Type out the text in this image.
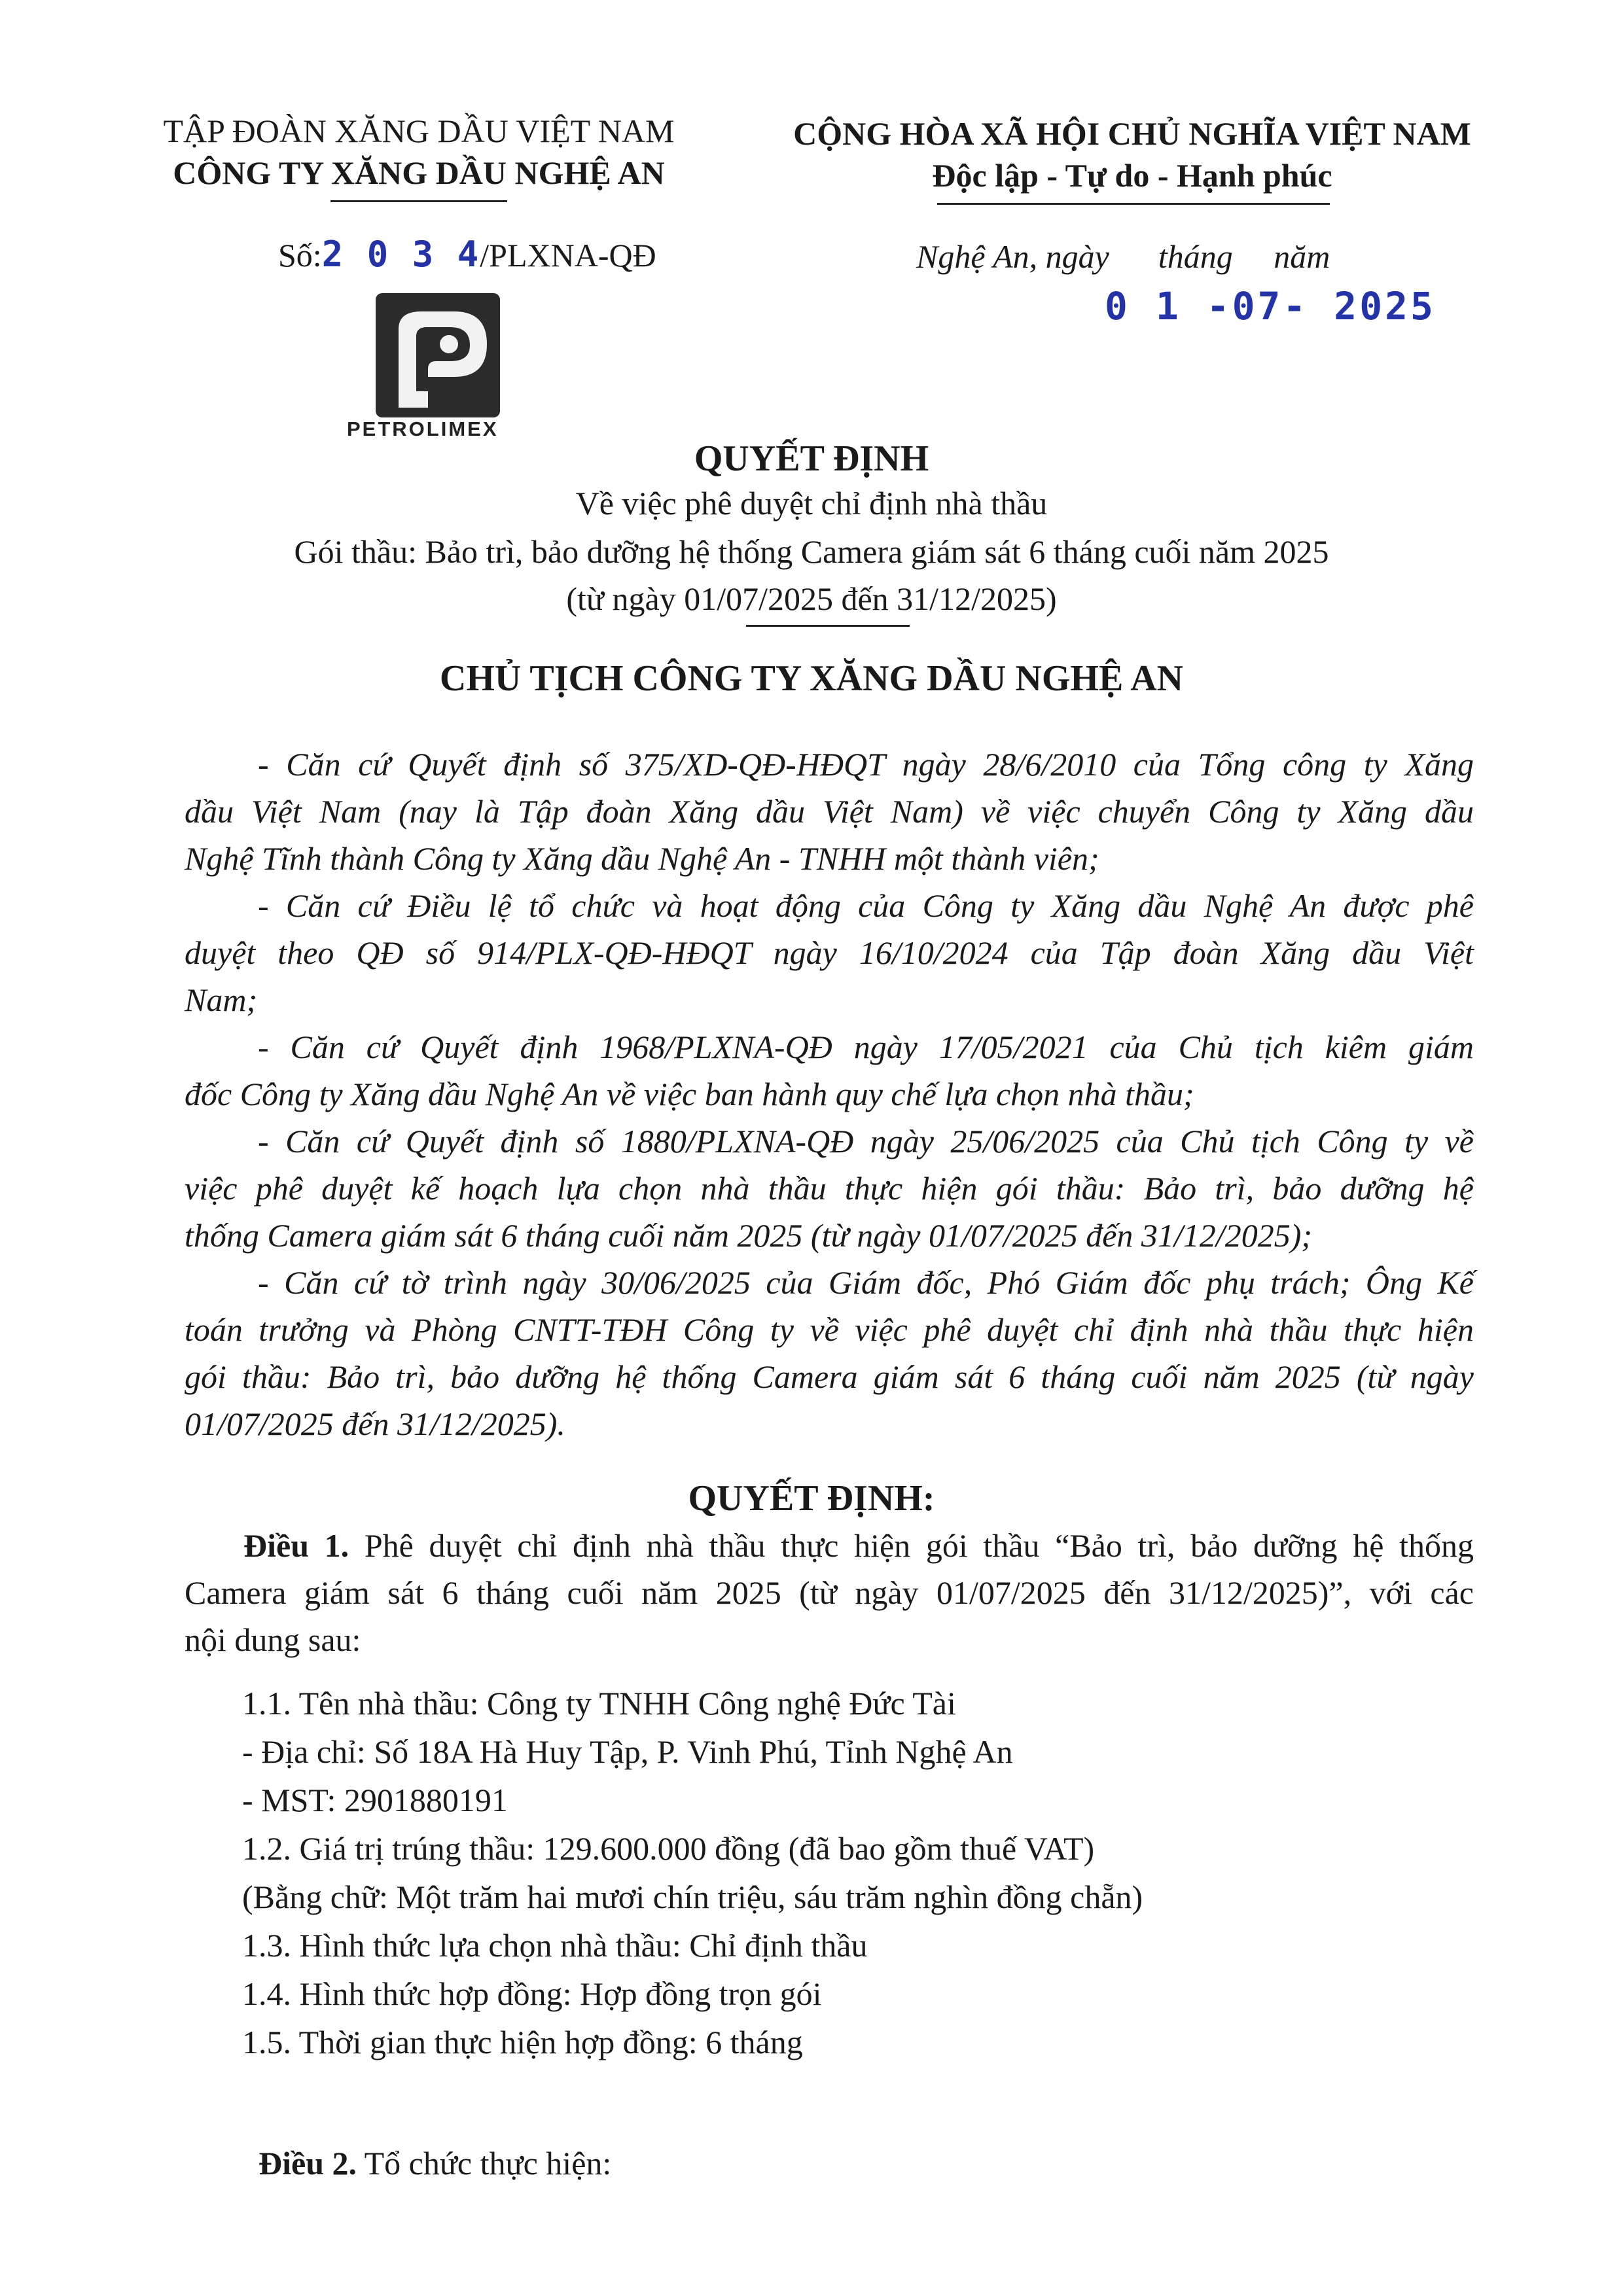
TẬP ĐOÀN XĂNG DẦU VIỆT NAM
CÔNG TY XĂNG DẦU NGHỆ AN
CỘNG HÒA XÃ HỘI CHỦ NGHĨA VIỆT NAM
Độc lập - Tự do - Hạnh phúc
Số:2 0 3 4/PLXNA-QĐ	Nghệ An, ngày      tháng     năm
0 1 -07- 2025
PETROLIMEX
QUYẾT ĐỊNH
Về việc phê duyệt chỉ định nhà thầu
Gói thầu: Bảo trì, bảo dưỡng hệ thống Camera giám sát 6 tháng cuối năm 2025
(từ ngày 01/07/2025 đến 31/12/2025)
CHỦ TỊCH CÔNG TY XĂNG DẦU NGHỆ AN
- Căn cứ Quyết định số 375/XD-QĐ-HĐQT ngày 28/6/2010 của Tổng công ty Xăng
dầu Việt Nam (nay là Tập đoàn Xăng dầu Việt Nam) về việc chuyển Công ty Xăng dầu
Nghệ Tĩnh thành Công ty Xăng dầu Nghệ An - TNHH một thành viên;
- Căn cứ Điều lệ tổ chức và hoạt động của Công ty Xăng dầu Nghệ An được phê
duyệt theo QĐ số 914/PLX-QĐ-HĐQT ngày 16/10/2024 của Tập đoàn Xăng dầu Việt
Nam;
- Căn cứ Quyết định 1968/PLXNA-QĐ ngày 17/05/2021 của Chủ tịch kiêm giám
đốc Công ty Xăng dầu Nghệ An về việc ban hành quy chế lựa chọn nhà thầu;
- Căn cứ Quyết định số 1880/PLXNA-QĐ ngày 25/06/2025 của Chủ tịch Công ty về
việc phê duyệt kế hoạch lựa chọn nhà thầu thực hiện gói thầu: Bảo trì, bảo dưỡng hệ
thống Camera giám sát 6 tháng cuối năm 2025 (từ ngày 01/07/2025 đến 31/12/2025);
- Căn cứ tờ trình ngày 30/06/2025 của Giám đốc, Phó Giám đốc phụ trách; Ông Kế
toán trưởng và Phòng CNTT-TĐH Công ty về việc phê duyệt chỉ định nhà thầu thực hiện
gói thầu: Bảo trì, bảo dưỡng hệ thống Camera giám sát 6 tháng cuối năm 2025 (từ ngày
01/07/2025 đến 31/12/2025).
QUYẾT ĐỊNH:
Điều 1. Phê duyệt chỉ định nhà thầu thực hiện gói thầu “Bảo trì, bảo dưỡng hệ thống
Camera giám sát 6 tháng cuối năm 2025 (từ ngày 01/07/2025 đến 31/12/2025)”, với các
nội dung sau:
1.1. Tên nhà thầu: Công ty TNHH Công nghệ Đức Tài
- Địa chỉ: Số 18A Hà Huy Tập, P. Vinh Phú, Tỉnh Nghệ An
- MST: 2901880191
1.2. Giá trị trúng thầu: 129.600.000 đồng (đã bao gồm thuế VAT)
(Bằng chữ: Một trăm hai mươi chín triệu, sáu trăm nghìn đồng chẵn)
1.3. Hình thức lựa chọn nhà thầu: Chỉ định thầu
1.4. Hình thức hợp đồng: Hợp đồng trọn gói
1.5. Thời gian thực hiện hợp đồng: 6 tháng

Điều 2. Tổ chức thực hiện:
